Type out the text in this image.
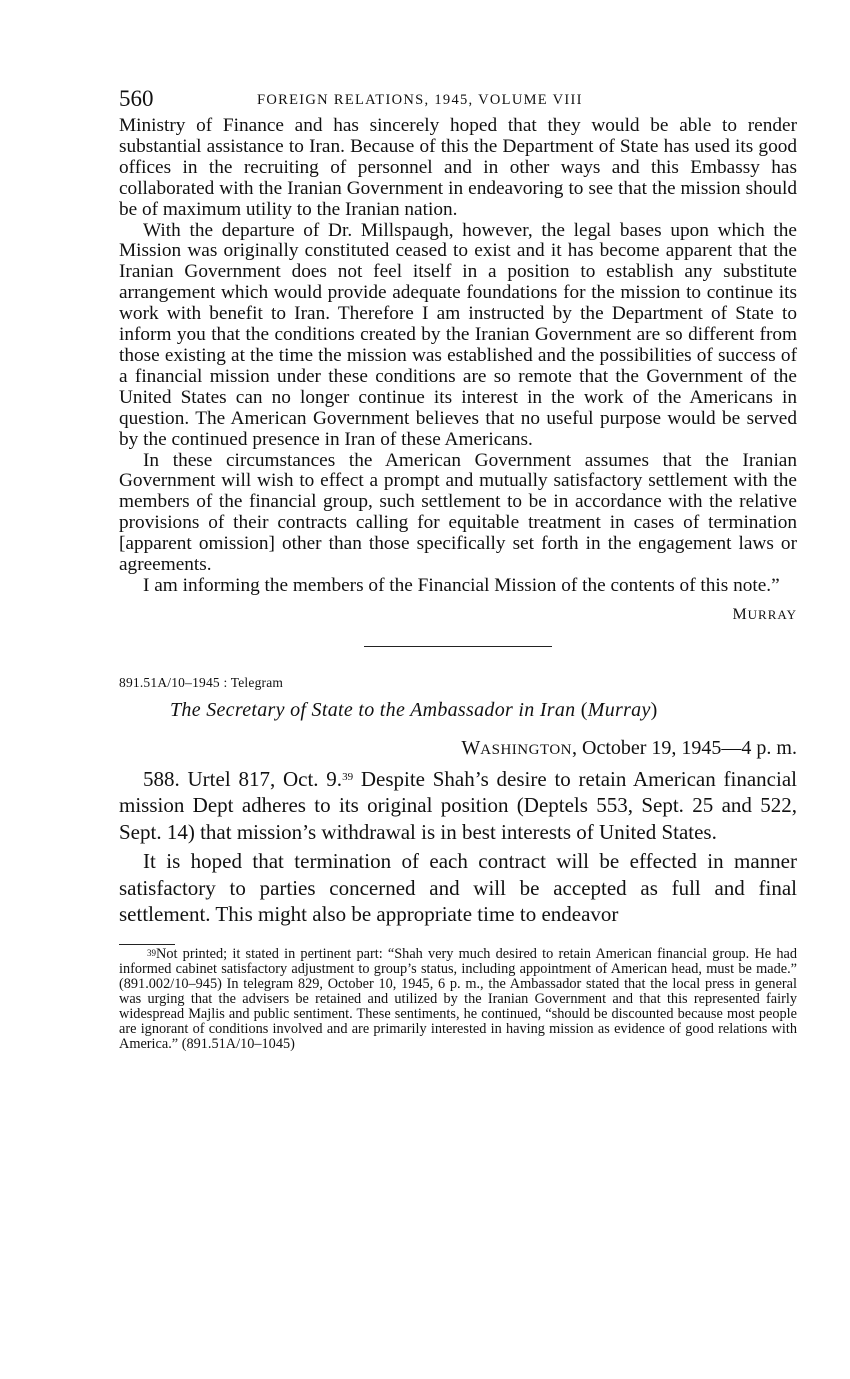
560	FOREIGN RELATIONS, 1945, VOLUME VIII

Ministry of Finance and has sincerely hoped that they would be able to render substantial assistance to Iran. Because of this the Department of State has used its good offices in the recruiting of personnel and in other ways and this Embassy has collaborated with the Iranian Government in endeavoring to see that the mission should be of maximum utility to the Iranian nation.

With the departure of Dr. Millspaugh, however, the legal bases upon which the Mission was originally constituted ceased to exist and it has become apparent that the Iranian Government does not feel itself in a position to establish any substitute arrangement which would provide adequate foundations for the mission to continue its work with benefit to Iran. Therefore I am instructed by the Department of State to inform you that the conditions created by the Iranian Government are so different from those existing at the time the mission was established and the possibilities of success of a financial mission under these conditions are so remote that the Government of the United States can no longer continue its interest in the work of the Americans in question. The American Government believes that no useful purpose would be served by the continued presence in Iran of these Americans.

In these circumstances the American Government assumes that the Iranian Government will wish to effect a prompt and mutually satisfactory settlement with the members of the financial group, such settlement to be in accordance with the relative provisions of their contracts calling for equitable treatment in cases of termination [apparent omission] other than those specifically set forth in the engagement laws or agreements.

I am informing the members of the Financial Mission of the contents of this note.”

MURRAY
891.51A/10–1945 : Telegram
The Secretary of State to the Ambassador in Iran (Murray)
WASHINGTON, October 19, 1945—4 p. m.

588. Urtel 817, Oct. 9.39 Despite Shah’s desire to retain American financial mission Dept adheres to its original position (Deptels 553, Sept. 25 and 522, Sept. 14) that mission’s withdrawal is in best interests of United States.

It is hoped that termination of each contract will be effected in manner satisfactory to parties concerned and will be accepted as full and final settlement. This might also be appropriate time to endeavor

$^{39}$Not printed; it stated in pertinent part: “Shah very much desired to retain American financial group. He had informed cabinet satisfactory adjustment to group’s status, including appointment of American head, must be made.” (891.002/10–945) In telegram 829, October 10, 1945, 6 p. m., the Ambassador stated that the local press in general was urging that the advisers be retained and utilized by the Iranian Government and that this represented fairly widespread Majlis and public sentiment. These sentiments, he continued, “should be discounted because most people are ignorant of conditions involved and are primarily interested in having mission as evidence of good relations with America.” (891.51A/10–1045)
